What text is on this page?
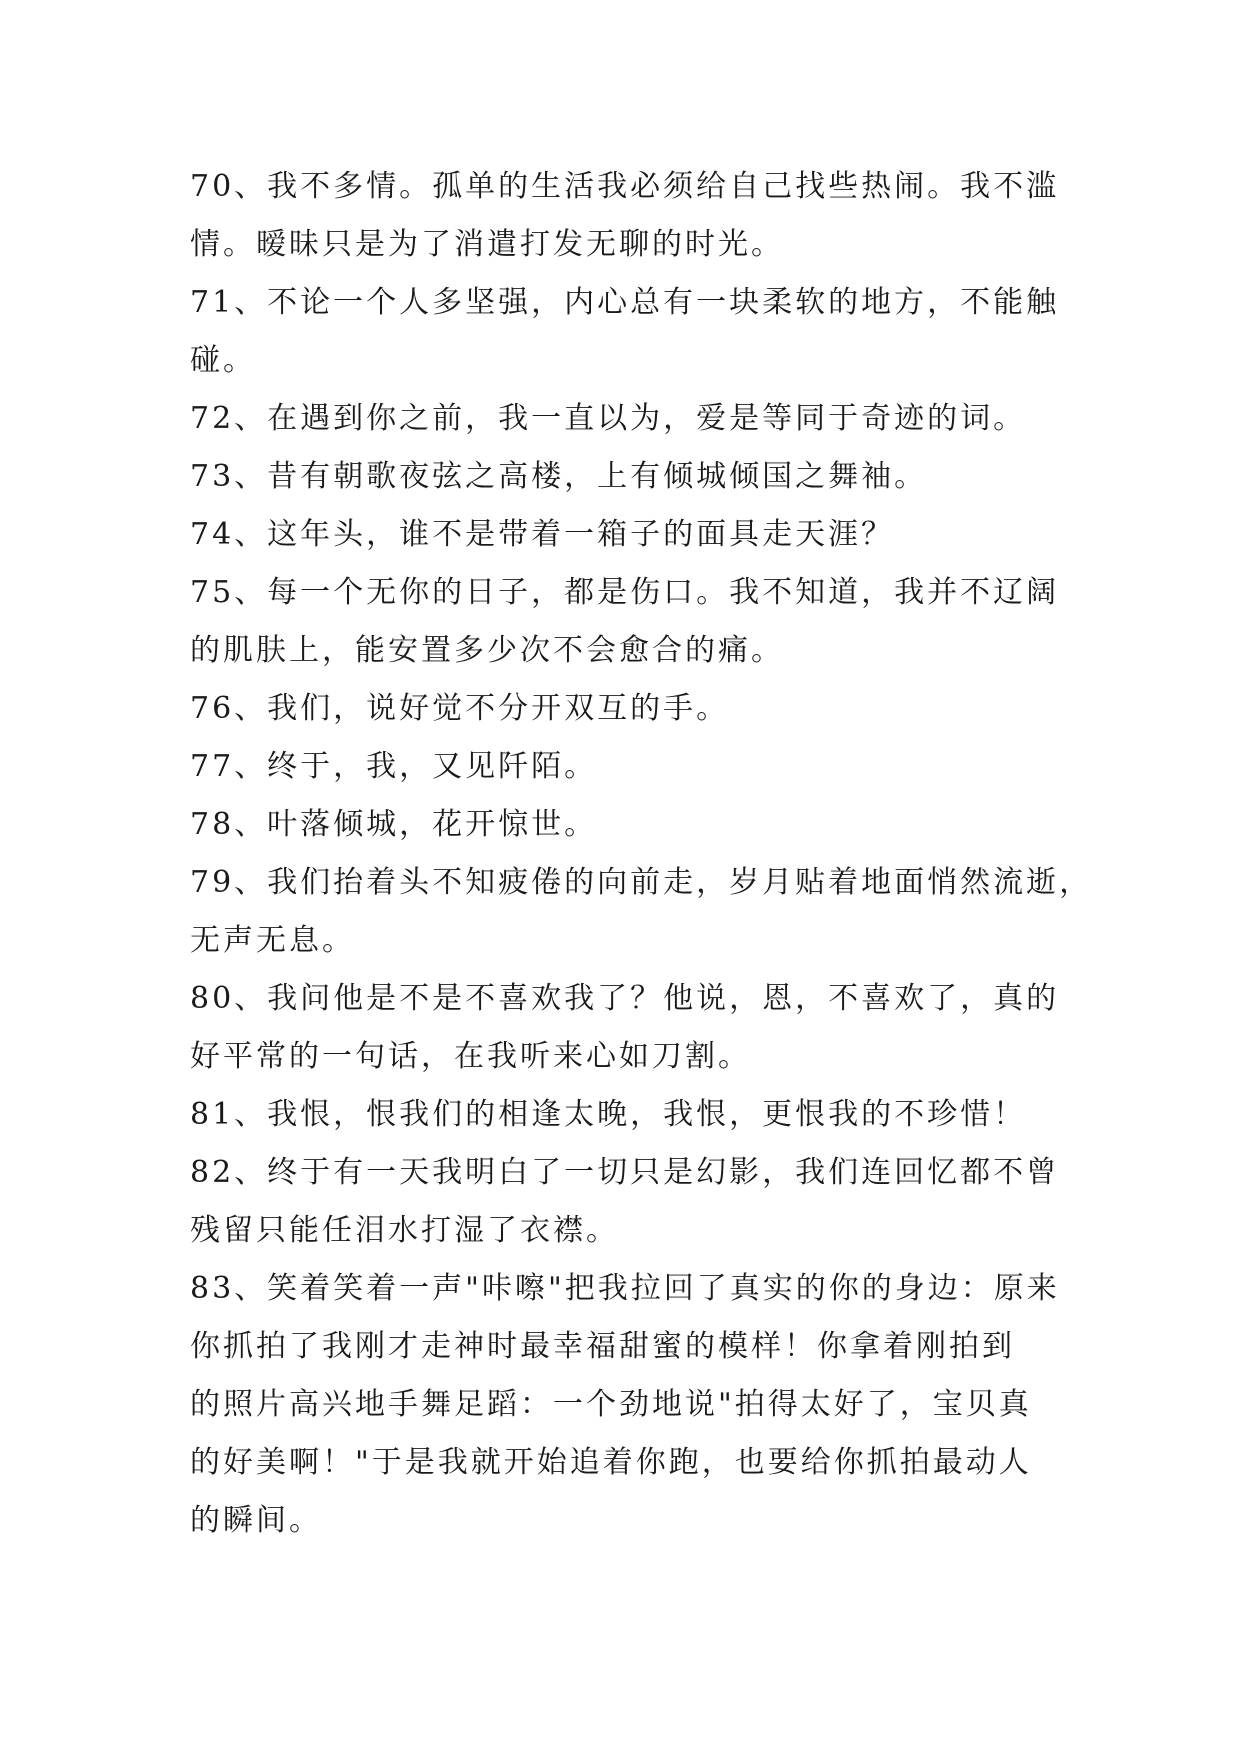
70、我不多情。孤单的生活我必须给自己找些热闹。我不滥
情。暧昧只是为了消遣打发无聊的时光。
71、不论一个人多坚强，内心总有一块柔软的地方，不能触
碰。
72、在遇到你之前，我一直以为，爱是等同于奇迹的词。
73、昔有朝歌夜弦之高楼，上有倾城倾国之舞袖。
74、这年头，谁不是带着一箱子的面具走天涯？
75、每一个无你的日子，都是伤口。我不知道，我并不辽阔
的肌肤上，能安置多少次不会愈合的痛。
76、我们，说好觉不分开双互的手。
77、终于，我，又见阡陌。
78、叶落倾城，花开惊世。
79、我们抬着头不知疲倦的向前走，岁月贴着地面悄然流逝，
无声无息。
80、我问他是不是不喜欢我了？他说，恩，不喜欢了，真的
好平常的一句话，在我听来心如刀割。
81、我恨，恨我们的相逢太晚，我恨，更恨我的不珍惜！
82、终于有一天我明白了一切只是幻影，我们连回忆都不曾
残留只能任泪水打湿了衣襟。
83、笑着笑着一声"咔嚓"把我拉回了真实的你的身边：原来
你抓拍了我刚才走神时最幸福甜蜜的模样！你拿着刚拍到
的照片高兴地手舞足蹈：一个劲地说"拍得太好了，宝贝真
的好美啊！"于是我就开始追着你跑，也要给你抓拍最动人
的瞬间。
